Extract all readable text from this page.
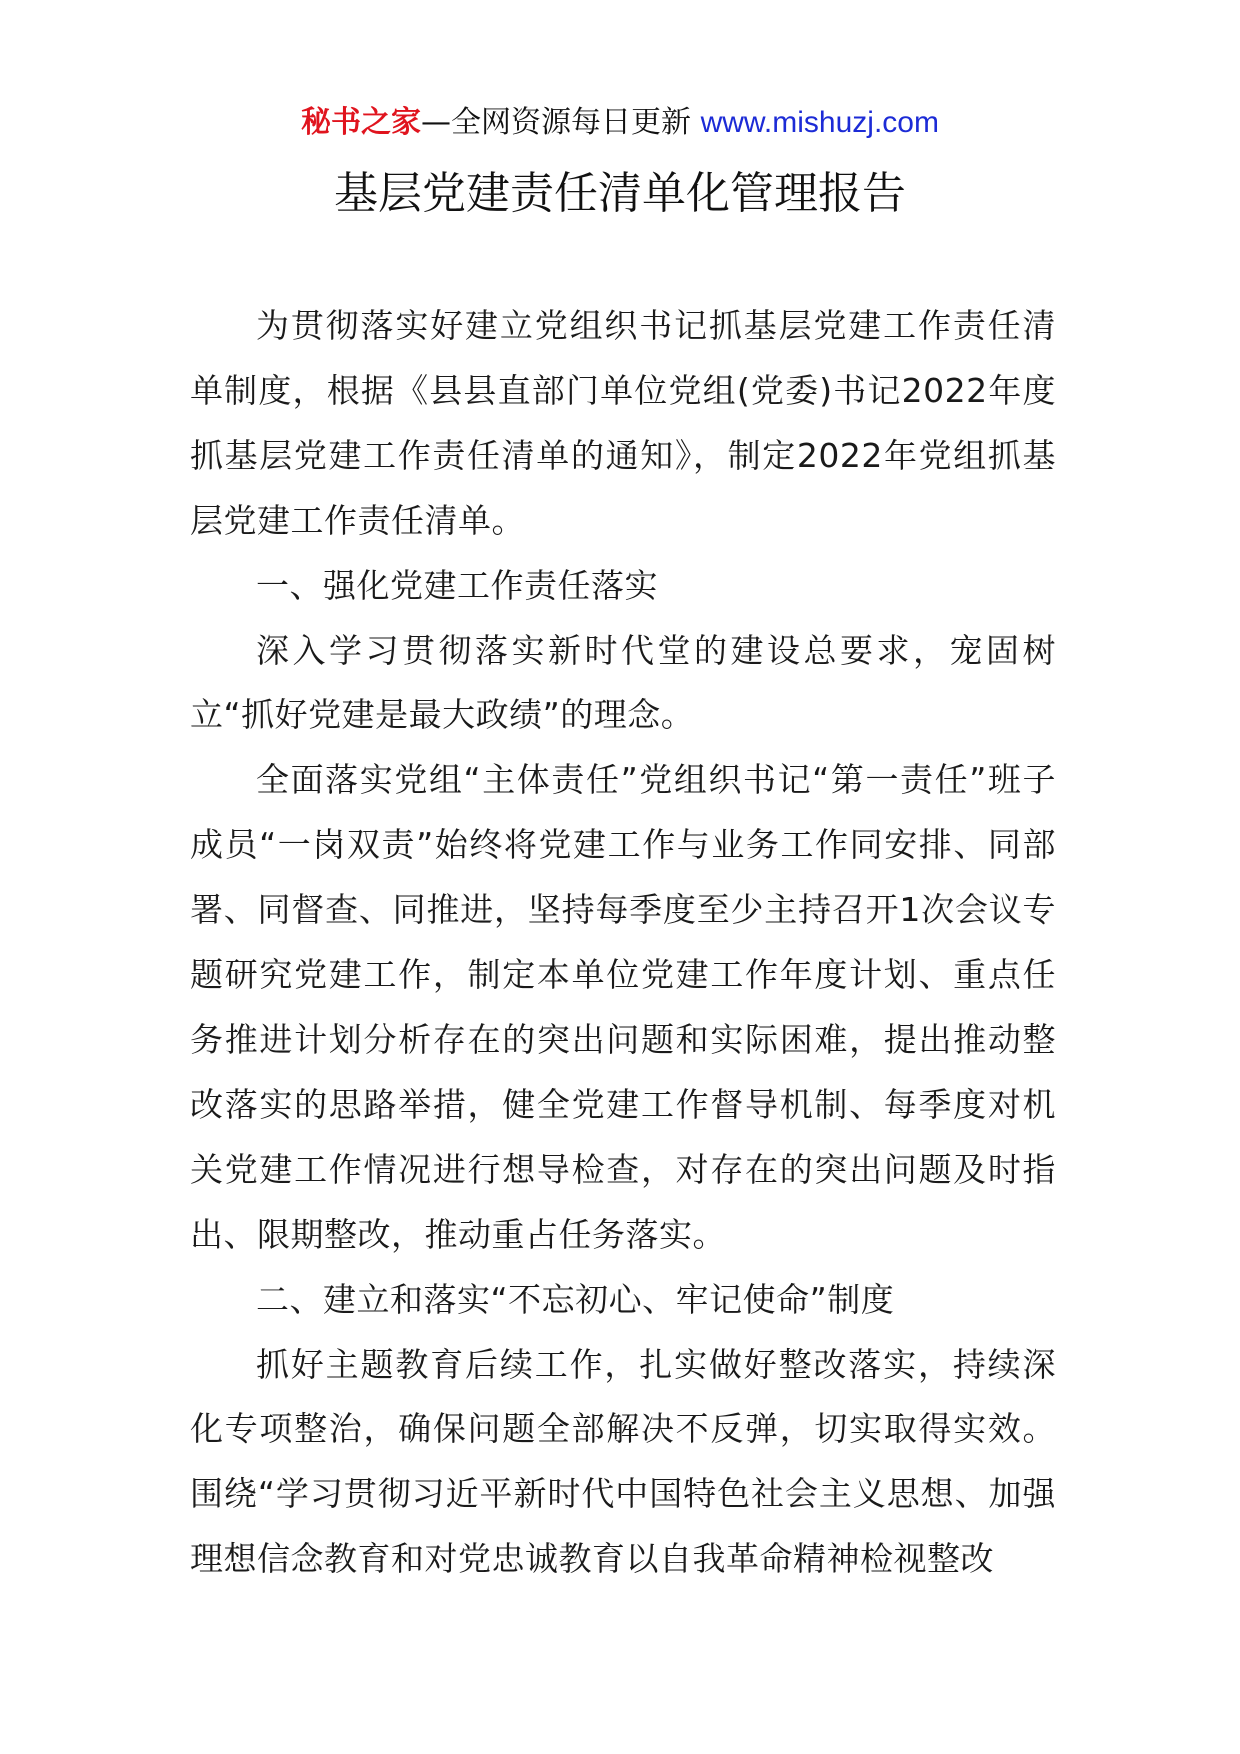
秘书之家—全网资源每日更新 www.mishuzj.com
基层党建责任清单化管理报告

为贯彻落实好建立党组织书记抓基层党建工作责任清单制度，根据《县县直部门单位党组(党委)书记2022年度抓基层党建工作责任清单的通知》，制定2022年党组抓基层党建工作责任清单。

一、强化党建工作责任落实

深入学习贯彻落实新时代堂的建设总要求，宠固树立“抓好党建是最大政绩”的理念。

全面落实党组“主体责任”党组织书记“第一责任”班子成员“一岗双责”始终将党建工作与业务工作同安排、同部署、同督查、同推进，坚持每季度至少主持召开1次会议专题研究党建工作，制定本单位党建工作年度计划、重点任务推进计划分析存在的突出问题和实际困难，提出推动整改落实的思路举措，健全党建工作督导机制、每季度对机关党建工作情况进行想导检查，对存在的突出问题及时指出、限期整改，推动重占任务落实。

二、建立和落实“不忘初心、牢记使命”制度

抓好主题教育后续工作，扎实做好整改落实，持续深化专项整治，确保问题全部解决不反弹，切实取得实效。围绕“学习贯彻习近平新时代中国特色社会主义思想、加强理想信念教育和对党忠诚教育以自我革命精神检视整改
